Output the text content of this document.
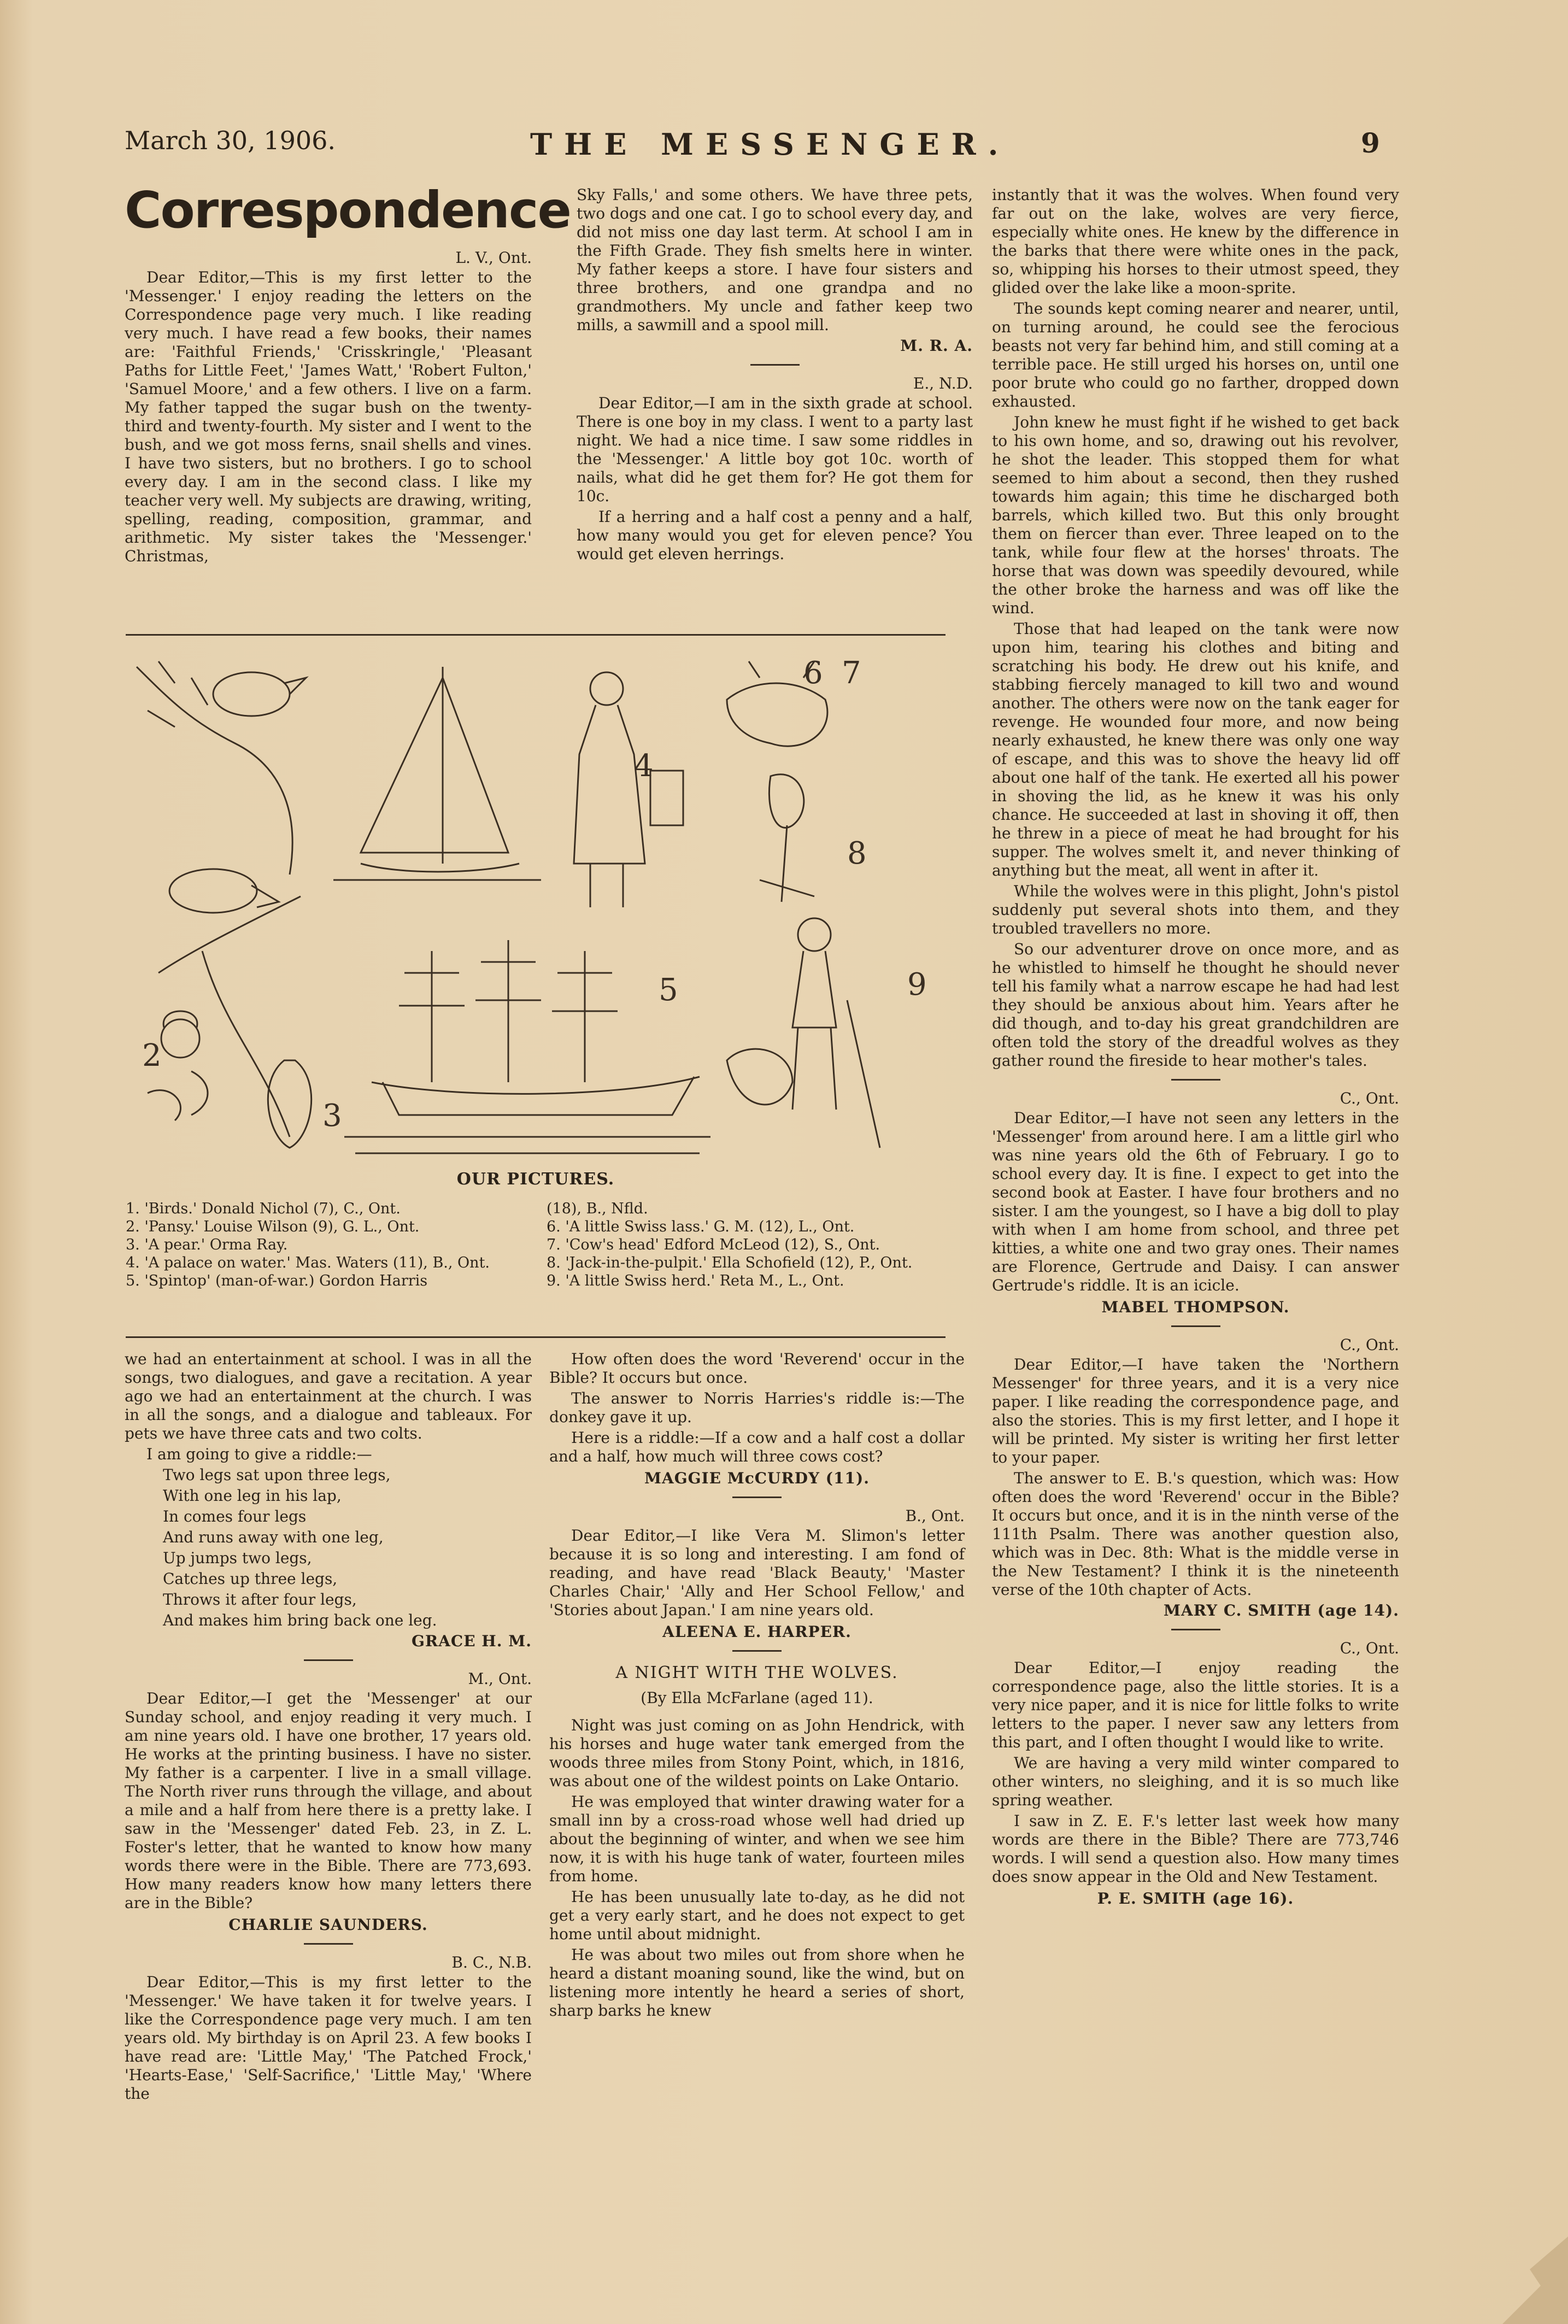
March 30, 1906.	THE MESSENGER.	9
Correspondence
L. V., Ont.

Dear Editor,—This is my first letter to the 'Messenger.' I enjoy reading the letters on the Correspondence page very much. I like reading very much. I have read a few books, their names are: 'Faithful Friends,' 'Crisskringle,' 'Pleasant Paths for Little Feet,' 'James Watt,' 'Robert Fulton,' 'Samuel Moore,' and a few others. I live on a farm. My father tapped the sugar bush on the twenty-third and twenty-fourth. My sister and I went to the bush, and we got moss ferns, snail shells and vines. I have two sisters, but no brothers. I go to school every day. I am in the second class. I like my teacher very well. My subjects are drawing, writing, spelling, reading, composition, grammar, and arithmetic. My sister takes the 'Messenger.' Christmas,

Sky Falls,' and some others. We have three pets, two dogs and one cat. I go to school every day, and did not miss one day last term. At school I am in the Fifth Grade. They fish smelts here in winter. My father keeps a store. I have four sisters and three brothers, and one grandpa and no grandmothers. My uncle and father keep two mills, a sawmill and a spool mill.

M. R. A.
E., N.D.

Dear Editor,—I am in the sixth grade at school. There is one boy in my class. I went to a party last night. We had a nice time. I saw some riddles in the 'Messenger.' A little boy got 10c. worth of nails, what did he get them for? He got them for 10c.

If a herring and a half cost a penny and a half, how many would you get for eleven pence? You would get eleven herrings.

2
3
4
5
6 7
8
9
OUR PICTURES.
1. 'Birds.' Donald Nichol (7), C., Ont.
2. 'Pansy.' Louise Wilson (9), G. L., Ont.
3. 'A pear.' Orma Ray.
4. 'A palace on water.' Mas. Waters (11), B., Ont.
5. 'Spintop' (man-of-war.) Gordon Harris
(18), B., Nfld.
6. 'A little Swiss lass.' G. M. (12), L., Ont.
7. 'Cow's head' Edford McLeod (12), S., Ont.
8. 'Jack-in-the-pulpit.' Ella Schofield (12), P., Ont.
9. 'A little Swiss herd.' Reta M., L., Ont.

we had an entertainment at school. I was in all the songs, two dialogues, and gave a recitation. A year ago we had an entertainment at the church. I was in all the songs, and a dialogue and tableaux. For pets we have three cats and two colts.

I am going to give a riddle:—

Two legs sat upon three legs,

With one leg in his lap,

In comes four legs

And runs away with one leg,

Up jumps two legs,

Catches up three legs,

Throws it after four legs,

And makes him bring back one leg.

GRACE H. M.
M., Ont.

Dear Editor,—I get the 'Messenger' at our Sunday school, and enjoy reading it very much. I am nine years old. I have one brother, 17 years old. He works at the printing business. I have no sister. My father is a carpenter. I live in a small village. The North river runs through the village, and about a mile and a half from here there is a pretty lake. I saw in the 'Messenger' dated Feb. 23, in Z. L. Foster's letter, that he wanted to know how many words there were in the Bible. There are 773,693. How many readers know how many letters there are in the Bible?

CHARLIE SAUNDERS.
B. C., N.B.

Dear Editor,—This is my first letter to the 'Messenger.' We have taken it for twelve years. I like the Correspondence page very much. I am ten years old. My birthday is on April 23. A few books I have read are: 'Little May,' 'The Patched Frock,' 'Hearts-Ease,' 'Self-Sacrifice,' 'Little May,' 'Where the

How often does the word 'Reverend' occur in the Bible? It occurs but once.

The answer to Norris Harries's riddle is:—The donkey gave it up.

Here is a riddle:—If a cow and a half cost a dollar and a half, how much will three cows cost?

MAGGIE McCURDY (11).
B., Ont.

Dear Editor,—I like Vera M. Slimon's letter because it is so long and interesting. I am fond of reading, and have read 'Black Beauty,' 'Master Charles Chair,' 'Ally and Her School Fellow,' and 'Stories about Japan.' I am nine years old.

ALEENA E. HARPER.
A NIGHT WITH THE WOLVES.
(By Ella McFarlane (aged 11).

Night was just coming on as John Hendrick, with his horses and huge water tank emerged from the woods three miles from Stony Point, which, in 1816, was about one of the wildest points on Lake Ontario.

He was employed that winter drawing water for a small inn by a cross-road whose well had dried up about the beginning of winter, and when we see him now, it is with his huge tank of water, fourteen miles from home.

He has been unusually late to-day, as he did not get a very early start, and he does not expect to get home until about midnight.

He was about two miles out from shore when he heard a distant moaning sound, like the wind, but on listening more intently he heard a series of short, sharp barks he knew

instantly that it was the wolves. When found very far out on the lake, wolves are very fierce, especially white ones. He knew by the difference in the barks that there were white ones in the pack, so, whipping his horses to their utmost speed, they glided over the lake like a moon-sprite.

The sounds kept coming nearer and nearer, until, on turning around, he could see the ferocious beasts not very far behind him, and still coming at a terrible pace. He still urged his horses on, until one poor brute who could go no farther, dropped down exhausted.

John knew he must fight if he wished to get back to his own home, and so, drawing out his revolver, he shot the leader. This stopped them for what seemed to him about a second, then they rushed towards him again; this time he discharged both barrels, which killed two. But this only brought them on fiercer than ever. Three leaped on to the tank, while four flew at the horses' throats. The horse that was down was speedily devoured, while the other broke the harness and was off like the wind.

Those that had leaped on the tank were now upon him, tearing his clothes and biting and scratching his body. He drew out his knife, and stabbing fiercely managed to kill two and wound another. The others were now on the tank eager for revenge. He wounded four more, and now being nearly exhausted, he knew there was only one way of escape, and this was to shove the heavy lid off about one half of the tank. He exerted all his power in shoving the lid, as he knew it was his only chance. He succeeded at last in shoving it off, then he threw in a piece of meat he had brought for his supper. The wolves smelt it, and never thinking of anything but the meat, all went in after it.

While the wolves were in this plight, John's pistol suddenly put several shots into them, and they troubled travellers no more.

So our adventurer drove on once more, and as he whistled to himself he thought he should never tell his family what a narrow escape he had had lest they should be anxious about him. Years after he did though, and to-day his great grandchildren are often told the story of the dreadful wolves as they gather round the fireside to hear mother's tales.

C., Ont.

Dear Editor,—I have not seen any letters in the 'Messenger' from around here. I am a little girl who was nine years old the 6th of February. I go to school every day. It is fine. I expect to get into the second book at Easter. I have four brothers and no sister. I am the youngest, so I have a big doll to play with when I am home from school, and three pet kitties, a white one and two gray ones. Their names are Florence, Gertrude and Daisy. I can answer Gertrude's riddle. It is an icicle.

MABEL THOMPSON.
C., Ont.

Dear Editor,—I have taken the 'Northern Messenger' for three years, and it is a very nice paper. I like reading the correspondence page, and also the stories. This is my first letter, and I hope it will be printed. My sister is writing her first letter to your paper.

The answer to E. B.'s question, which was: How often does the word 'Reverend' occur in the Bible? It occurs but once, and it is in the ninth verse of the 111th Psalm. There was another question also, which was in Dec. 8th: What is the middle verse in the New Testament? I think it is the nineteenth verse of the 10th chapter of Acts.

MARY C. SMITH (age 14).
C., Ont.

Dear Editor,—I enjoy reading the correspondence page, also the little stories. It is a very nice paper, and it is nice for little folks to write letters to the paper. I never saw any letters from this part, and I often thought I would like to write.

We are having a very mild winter compared to other winters, no sleighing, and it is so much like spring weather.

I saw in Z. E. F.'s letter last week how many words are there in the Bible? There are 773,746 words. I will send a question also. How many times does snow appear in the Old and New Testament.

P. E. SMITH (age 16).
